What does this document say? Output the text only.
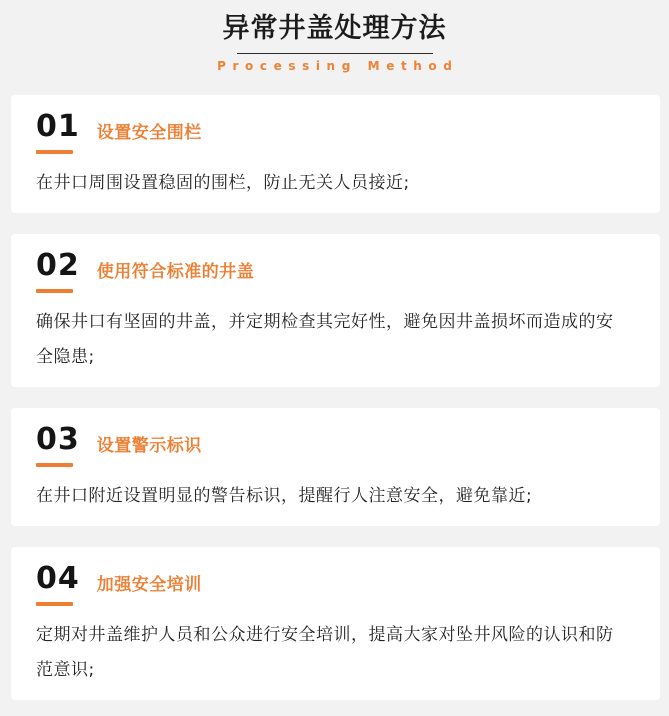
异常井盖处理方法
Processing Method
01 设置安全围栏
在井口周围设置稳固的围栏，防止无关人员接近;
02 使用符合标准的井盖
确保井口有坚固的井盖，并定期检查其完好性，避免因井盖损坏而造成的安全隐患;
03 设置警示标识
在井口附近设置明显的警告标识，提醒行人注意安全，避免靠近;
04 加强安全培训
定期对井盖维护人员和公众进行安全培训，提高大家对坠井风险的认识和防范意识;
